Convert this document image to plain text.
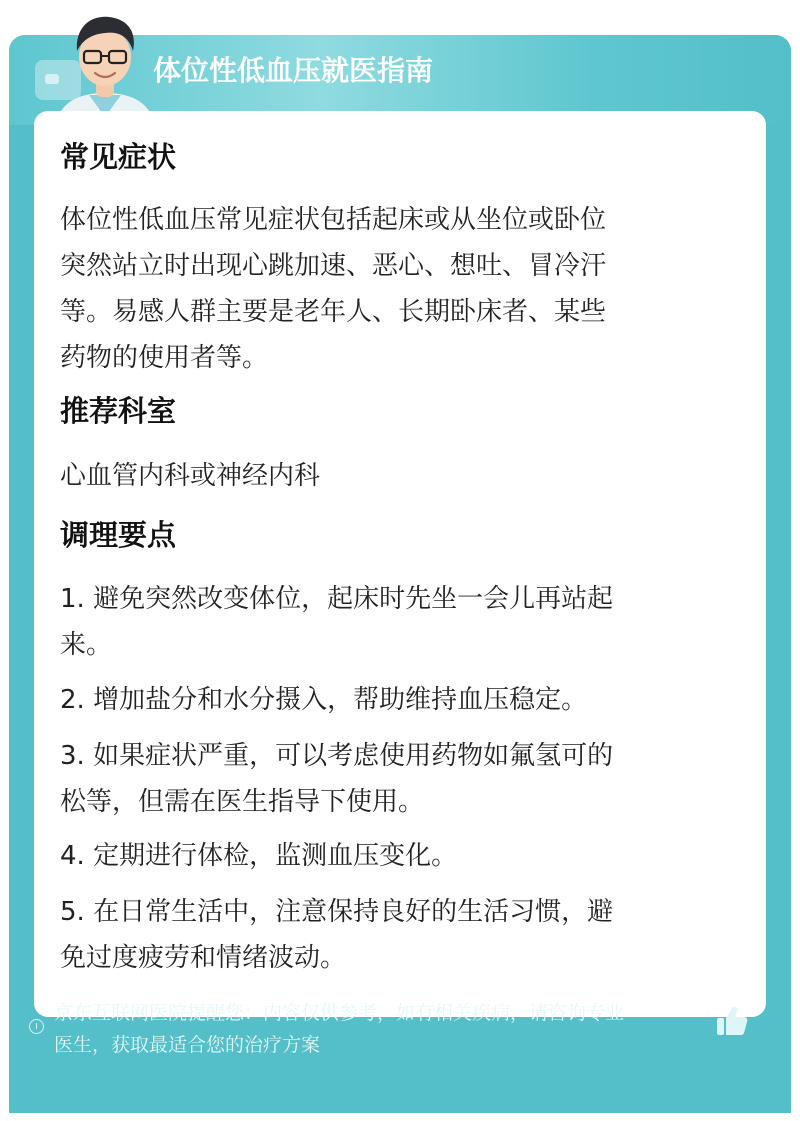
体位性低血压就医指南
常见症状
体位性低血压常见症状包括起床或从坐位或卧位
突然站立时出现心跳加速、恶心、想吐、冒冷汗
等。易感人群主要是老年人、长期卧床者、某些
药物的使用者等。
推荐科室
心血管内科或神经内科
调理要点
1. 避免突然改变体位，起床时先坐一会儿再站起
来。
2. 增加盐分和水分摄入，帮助维持血压稳定。
3. 如果症状严重，可以考虑使用药物如氟氢可的
松等，但需在医生指导下使用。
4. 定期进行体检，监测血压变化。
5. 在日常生活中，注意保持良好的生活习惯，避
免过度疲劳和情绪波动。
京东互联网医院提醒您：内容仅供参考，如有相关疾病，请咨询专业
医生，获取最适合您的治疗方案
